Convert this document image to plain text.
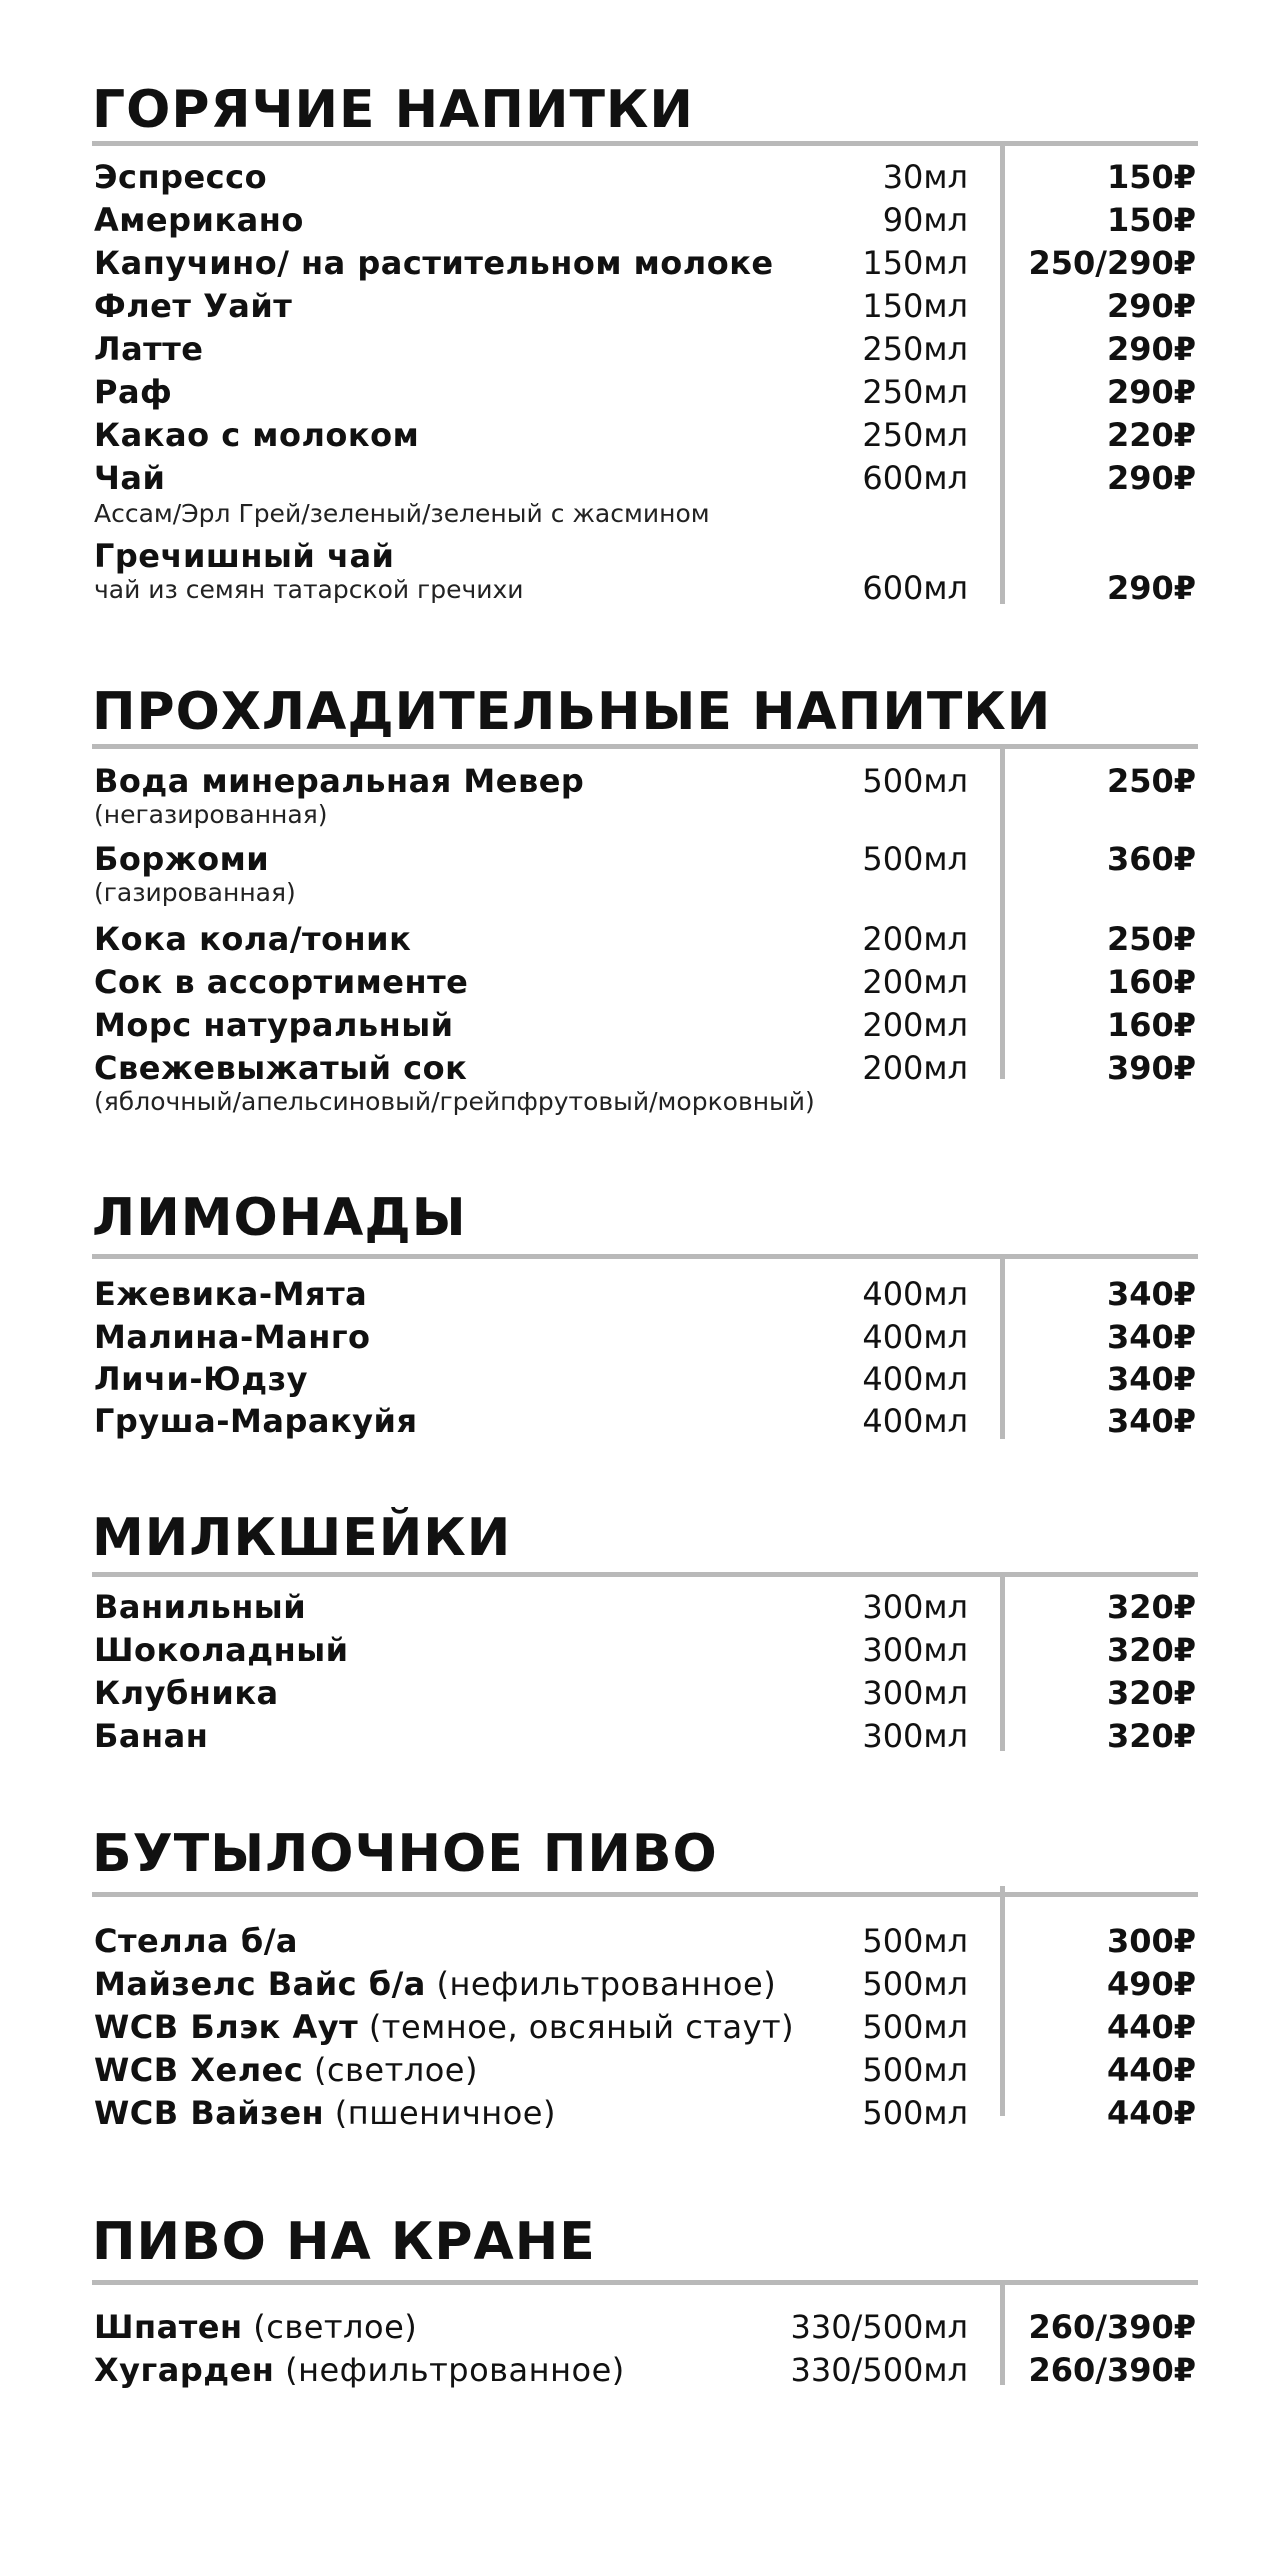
ГОРЯЧИЕ НАПИТКИ
Эспрессо	30мл	150₽
Американо	90мл	150₽
Капучино/ на растительном молоке	150мл 250/290₽
Флет Уайт	150мл	290₽
Латте	250мл	290₽
Раф	250мл	290₽
Какао с молоком	250мл	220₽
Чай	600мл	290₽
Ассам/Эрл Грей/зеленый/зеленый с жасмином
Гречишный чай
чай из семян татарской гречихи	600мл	290₽
ПРОХЛАДИТЕЛЬНЫЕ НАПИТКИ
Вода минеральная Мевер	500мл	250₽
(негазированная)
Боржоми	500мл	360₽
(газированная)
Кока кола/тоник	200мл	250₽
Сок в ассортименте	200мл	160₽
Морс натуральный	200мл	160₽
Свежевыжатый сок	200мл	390₽
(яблочный/апельсиновый/грейпфрутовый/морковный)
ЛИМОНАДЫ
Ежевика-Мята	400мл	340₽
Малина-Манго	400мл	340₽
Личи-Юдзу	400мл	340₽
Груша-Маракуйя	400мл	340₽
МИЛКШЕЙКИ
Ванильный	300мл	320₽
Шоколадный	300мл	320₽
Клубника	300мл	320₽
Банан	300мл	320₽
БУТЫЛОЧНОЕ ПИВО
Стелла б/а	500мл	300₽
Майзелс Вайс б/а (нефильтрованное)	500мл	490₽
WCB Блэк Аут (темное, овсяный стаут) 500мл	440₽
WCB Хелес (светлое)	500мл	440₽
WCB Вайзен (пшеничное)	500мл	440₽
ПИВО НА КРАНЕ
Шпатен (светлое)	330/500мл 260/390₽
Хугарден (нефильтрованное)	330/500мл 260/390₽
